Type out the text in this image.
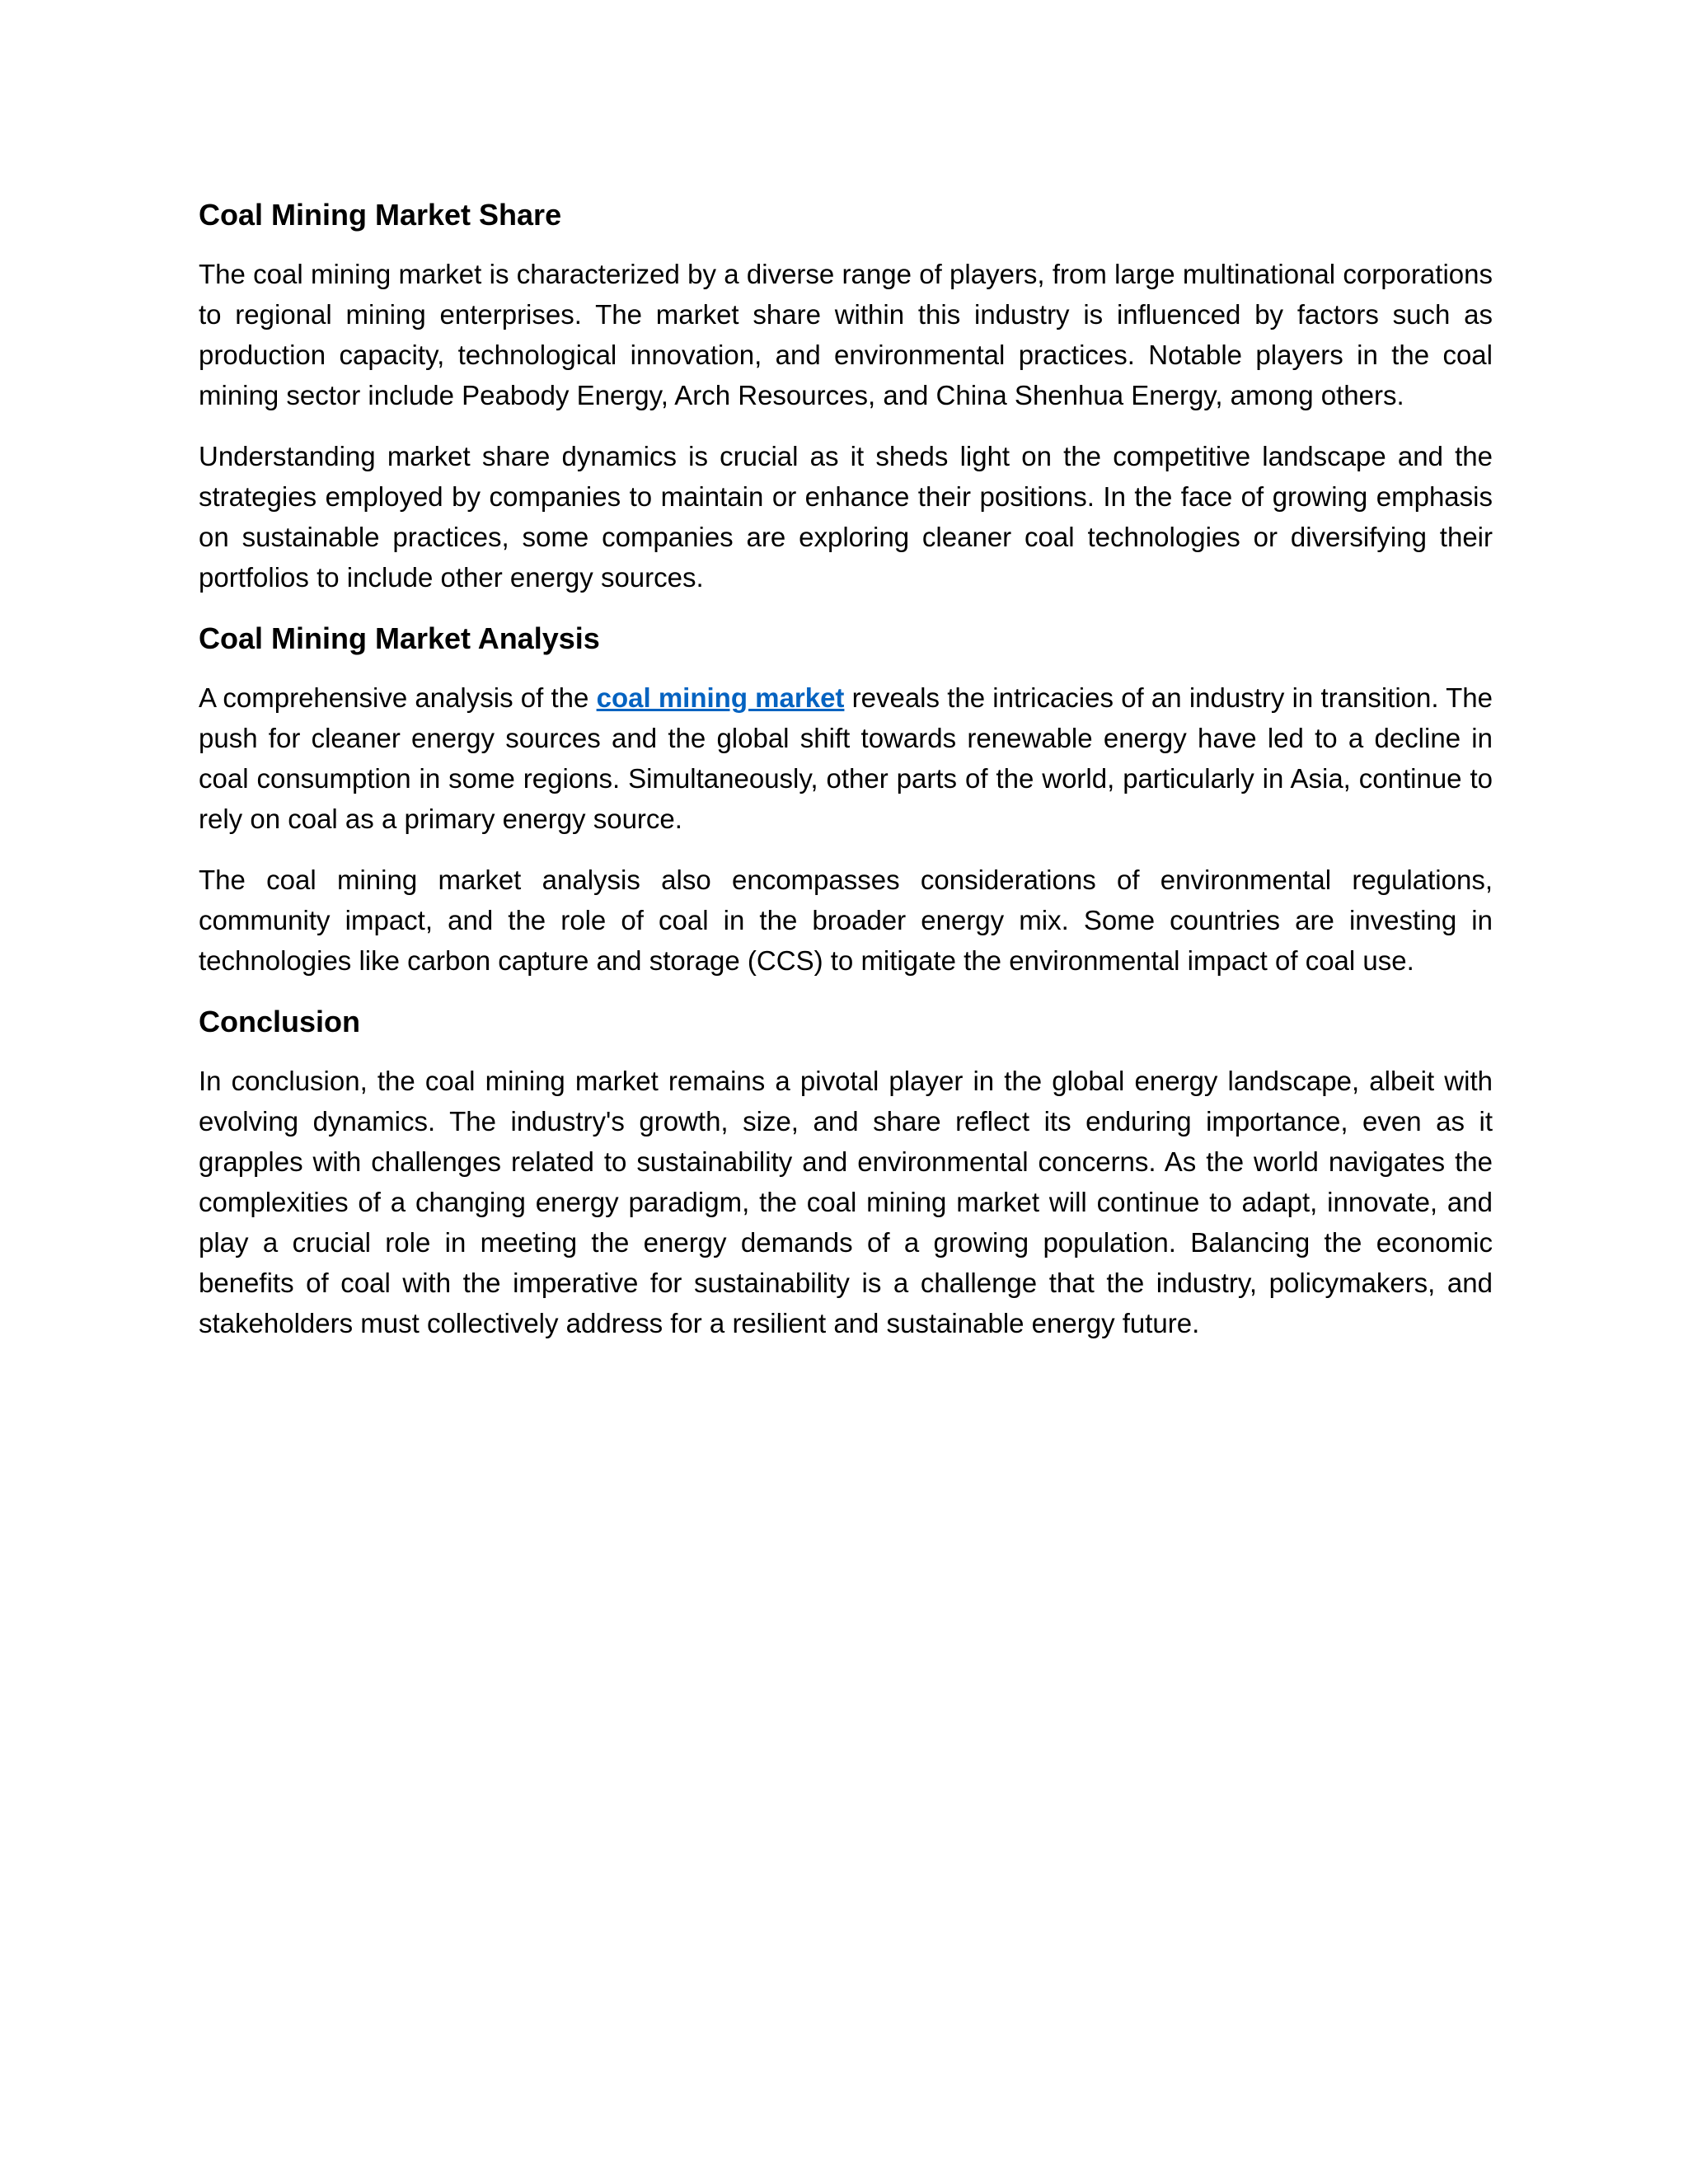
Coal Mining Market Share

The coal mining market is characterized by a diverse range of players, from large multinational corporations to regional mining enterprises. The market share within this industry is influenced by factors such as production capacity, technological innovation, and environmental practices. Notable players in the coal mining sector include Peabody Energy, Arch Resources, and China Shenhua Energy, among others.

Understanding market share dynamics is crucial as it sheds light on the competitive landscape and the strategies employed by companies to maintain or enhance their positions. In the face of growing emphasis on sustainable practices, some companies are exploring cleaner coal technologies or diversifying their portfolios to include other energy sources.

Coal Mining Market Analysis

A comprehensive analysis of the coal mining market reveals the intricacies of an industry in transition. The push for cleaner energy sources and the global shift towards renewable energy have led to a decline in coal consumption in some regions. Simultaneously, other parts of the world, particularly in Asia, continue to rely on coal as a primary energy source.

The coal mining market analysis also encompasses considerations of environmental regulations, community impact, and the role of coal in the broader energy mix. Some countries are investing in technologies like carbon capture and storage (CCS) to mitigate the environmental impact of coal use.

Conclusion

In conclusion, the coal mining market remains a pivotal player in the global energy landscape, albeit with evolving dynamics. The industry's growth, size, and share reflect its enduring importance, even as it grapples with challenges related to sustainability and environmental concerns. As the world navigates the complexities of a changing energy paradigm, the coal mining market will continue to adapt, innovate, and play a crucial role in meeting the energy demands of a growing population. Balancing the economic benefits of coal with the imperative for sustainability is a challenge that the industry, policymakers, and stakeholders must collectively address for a resilient and sustainable energy future.
